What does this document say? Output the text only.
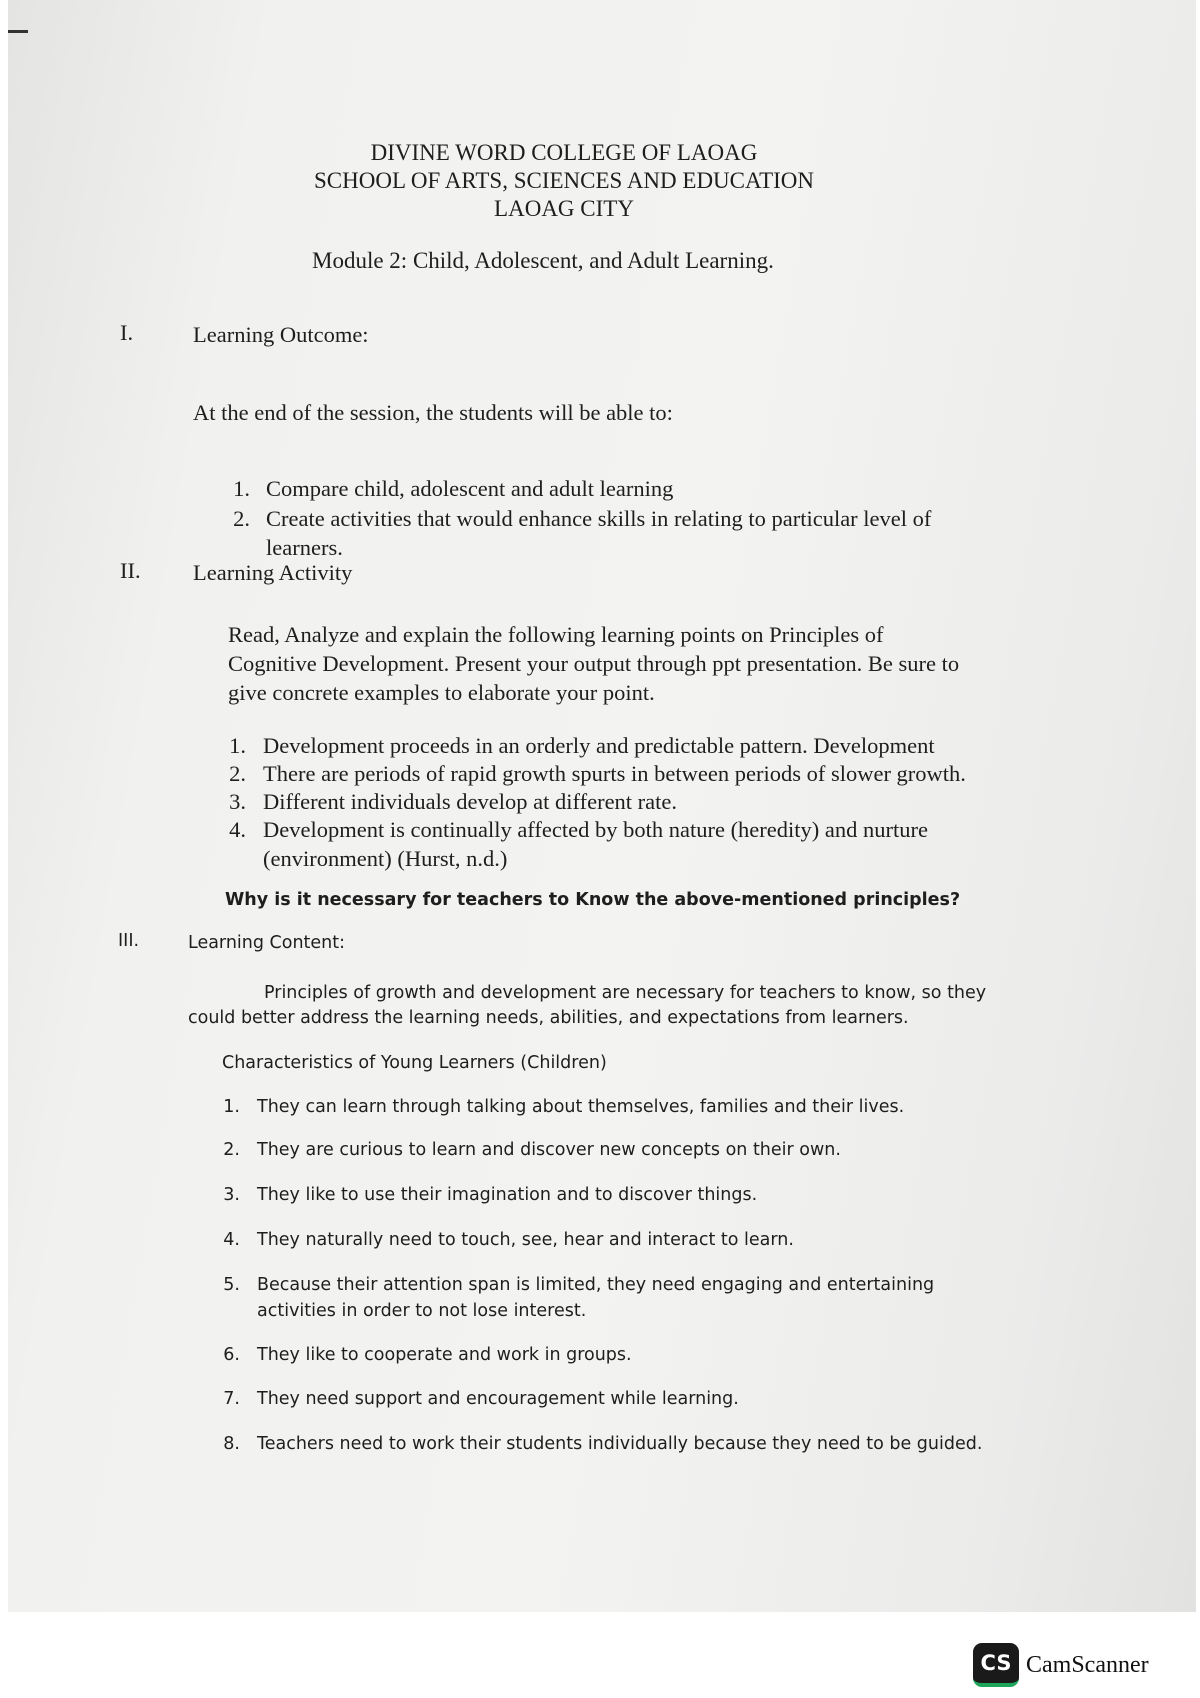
DIVINE WORD COLLEGE OF LAOAG
SCHOOL OF ARTS, SCIENCES AND EDUCATION
LAOAG CITY
Module 2: Child, Adolescent, and Adult Learning.
I.	Learning Outcome:
At the end of the session, the students will be able to:
1. Compare child, adolescent and adult learning
2. Create activities that would enhance skills in relating to particular level of
learners.
II. Learning Activity
Read, Analyze and explain the following learning points on Principles of
Cognitive Development. Present your output through ppt presentation. Be sure to
give concrete examples to elaborate your point.
1. Development proceeds in an orderly and predictable pattern. Development
2. There are periods of rapid growth spurts in between periods of slower growth.
3. Different individuals develop at different rate.
4. Development is continually affected by both nature (heredity) and nurture
(environment) (Hurst, n.d.)
Why is it necessary for teachers to Know the above-mentioned principles?
III.	Learning Content:
Principles of growth and development are necessary for teachers to know, so they
could better address the learning needs, abilities, and expectations from learners.
Characteristics of Young Learners (Children)
1. They can learn through talking about themselves, families and their lives.
2. They are curious to learn and discover new concepts on their own.
3. They like to use their imagination and to discover things.
4. They naturally need to touch, see, hear and interact to learn.
5. Because their attention span is limited, they need engaging and entertaining
activities in order to not lose interest.
6. They like to cooperate and work in groups.
7. They need support and encouragement while learning.
8. Teachers need to work their students individually because they need to be guided.
CS CamScanner
